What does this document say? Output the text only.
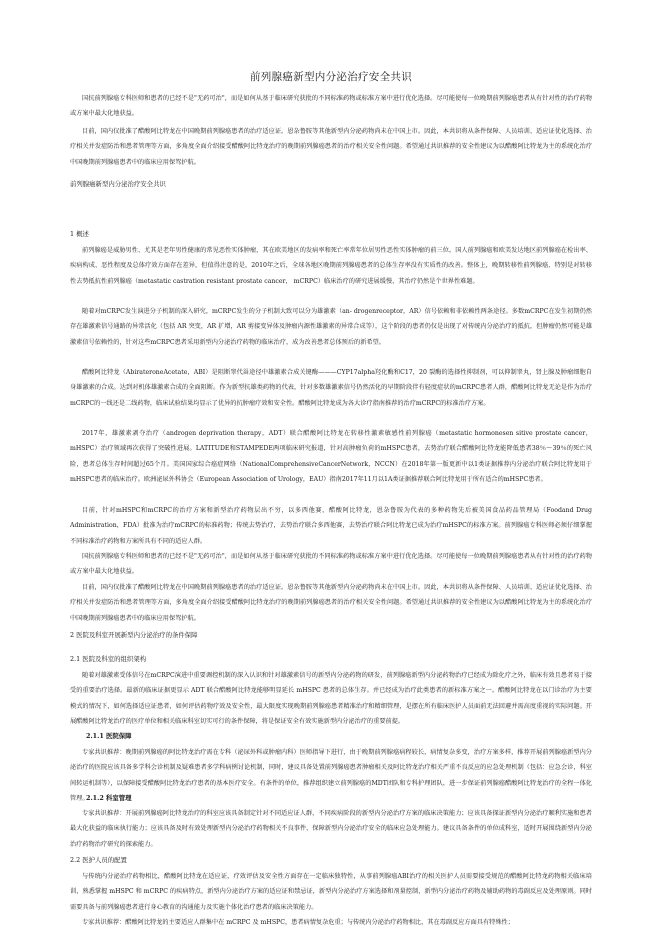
前列腺癌新型内分泌治疗安全共识

国抗前列腺癌专科医师和患者的已经不是"无药可治"，而是如何从基于临床研究获批的不同标准药物或标准方案中进行优化选择。尽可能使每一位晚期前列腺癌患者从有针对性的治疗药物或方案中最大化地获益。

目前，国内仅批准了醋酸阿比特龙在中国晚期前列腺癌患者的治疗适应证。恩杂鲁胺等其他新型内分泌药物尚未在中国上市。因此，本共识将从条件保障、人员培训、适应证优化选择、治疗相关并发症防治和患者管理等方面，多角度全面介绍接受醋酸阿比特龙治疗的晚期前列腺癌患者的治疗相关安全性问题。希望通过共识推荐的安全性建议为以醋酸阿比特龙为主的系统化治疗中国晚期前列腺癌患者中的临床应用保驾护航。

前列腺癌新型内分泌治疗安全共识

1 概述

前列腺癌是威胁男性、尤其是老年男性健康的常见恶性实体肿瘤，其在欧美地区的发病率和死亡率常年位居男性恶性实体肿瘤的前三位。国人前列腺癌和欧美发达地区前列腺癌在检出率、疾病构成、恶性程度及总体疗效方面存在差异，但值得注意的是，2010年之后，全球各地区晚期前列腺癌患者的总体生存率没有实质性的改善。整体上，晚期转移性前列腺癌、特别是对转移性去势抵抗性前列腺癌（metastatic castration resistant prostate cancer， mCRPC）临床治疗的研究进展缓慢，其治疗仍然是个世界性难题。

随着对mCRPC发生演进分子机制的深入研究，mCRPC发生的分子机制大致可以分为雄激素（an- drogenreceptor，AR）信号依赖和非依赖性两条途径。多数mCRPC在发生初期仍然存在雄激素信号通路的异常活化（包括 AR 突变，AR 扩增，AR 剪接变异体及肿瘤内源性雄激素的异常合成等），这个阶段的患者仍仅是出现了对传统内分泌治疗的抵抗，但肿瘤仍然可能是雄激素信号依赖性的，针对这些mCRPC患者采用新型内分泌治疗药物的临床治疗，成为改善患者总体预后的新希望。

醋酸阿比特龙（AbirateroneAcetate，ABI）是阻断睾代甾途径中雄激素合成关键酶———CYP17alpha羟化酶和C17，20 裂酶的选择性抑制剂，可以抑制睾丸，肾上腺及肿瘤细胞自身雄激素的合成。达到对机体雄激素合成的全面阻断。作为新型抗雄类药物的代表，针对多数雄激素信号仍然活化的早期阶段伴有轻度症状的mCRPC患者人群，醋酸阿比特龙无论是作为治疗mCRPC的一线还是二线药物，临床试验结果均显示了优异的抗肿瘤疗效和安全性。醋酸阿比特龙成为各大诊疗指南推荐的治疗mCRPC的标准治疗方案。

2017年，雄激素剥夺治疗（androgen deprivation therapy，ADT）联合醋酸阿比特龙在转移性激素敏感性前列腺癌（metastatic hormonesen sitive prostate cancer，mHSPC）治疗领域再次获得了突破性进展。LATITUDE和STAMPEDE两项临床研究报道，针对高肿瘤负荷的mHSPC患者，去势治疗联合醋酸阿比特龙能降低患者38％～39％的死亡风险，患者总体生存时间超过65个月。美国国家综合癌症网络（NationalComprehensiveCancerNetwork，NCCN）在2018年第一版更新中以1类证据推荐内分泌治疗联合阿比特龙用于mHSPC患者的临床治疗。欧洲泌尿外科协会（European Association of Urology，EAU）指南2017年11月以1A类证据推荐联合阿比特龙用于所有适合的mHSPC患者。

目前，针对mHSPC和mCRPC的治疗方案和新型治疗药物层出不穷，以多西他赛，醋酸阿比特龙，恩杂鲁胺为代表的多种药物先后被美国食品药品管理局（Foodand Drug Administration，FDA）批准为治疗mCRPC的标准药物；传统去势治疗，去势治疗联合多西他赛，去势治疗联合阿比特龙已成为治疗mHSPC的标准方案。前列腺癌专科医师必须仔细掌握不同标准治疗药物和方案所具有不同的适应人群。

国抗前列腺癌专科医师和患者的已经不是"无药可治"，而是如何从基于临床研究获批的不同标准药物或标准方案中进行优化选择。尽可能使每一位晚期前列腺癌患者从有针对性的治疗药物或方案中最大化地获益。

目前，国内仅批准了醋酸阿比特龙在中国晚期前列腺癌患者的治疗适应证。恩杂鲁胺等其他新型内分泌药物尚未在中国上市。因此，本共识将从条件保障、人员培训、适应证优化选择、治疗相关并发症防治和患者管理等方面，多角度全面介绍接受醋酸阿比特龙治疗的晚期前列腺癌患者的治疗相关安全性问题。希望通过共识推荐的安全性建议为以醋酸阿比特龙为主的系统化治疗中国晚期前列腺癌患者中的临床应用保驾护航。

2 医院及科室开展新型内分泌治疗的条件保障

2.1 医院及科室的组织架构

随着对雄激素受体信号在mCRPC演进中重要调控机制的深入认识和针对雄激素信号的新型内分泌药物的研发，前列腺癌新型内分泌药物治疗已经成为除化疗之外，临床有效且患者易于接受的重要治疗选择。最新的临床证据更显示 ADT 联合醋酸阿比特龙能够明显延长 mHSPC 患者的总体生存。并已经成为治疗此类患者的新标准方案之一。醋酸阿比特龙在以门诊治疗为主要模式的情况下，如何选择适应证患者，如何评估药物疗效及安全性，最大限度实现晚期前列腺癌患者精准治疗和精细管理，是摆在所有临床医护人员面前无法回避并需高度重视的实际问题。开展醋酸阿比特龙治疗的医疗单位和相关临床科室切实可行的条件保障，将是保证安全有效实施新型内分泌治疗的重要前提。

2.1.1 医院保障

专家共识推荐：晚期前列腺癌的阿比特龙治疗需在专科（泌尿外科或肿瘤内科）医师指导下进行，由于晚期前列腺癌病程较长，病情复杂多变，治疗方案多样，推荐开展前列腺癌新型内分泌治疗的医院应该具备多学科会诊机制及疑难患者多学科病例讨论机制，同时，建议具备处置前列腺癌患者肿瘤相关及阿比特龙治疗相关严重不良反应的应急处理机制（包括：应急会诊，科室间转运机制等），以保障接受醋酸阿比特龙治疗患者的基本医疗安全。有条件的单位，推荐组织建立前列腺癌的MDT团队和专科护理团队，进一步保证前列腺癌醋酸阿比特龙治疗的全程一体化管理。

2.1.2 科室管理

专家共识推荐：开展前列腺癌阿比特龙治疗的科室应该具备制定针对不同适应证人群，不同疾病阶段的新型内分泌治疗方案的临床决策能力；应该具备探证新型内分泌治疗顺利实施和患者最大化获益的临床执行能力；应该具备及时有效处理新型内分泌治疗药物相关不良事件，保障新型内分泌治疗安全的临床应急处理能力。建议具备条件的单位成科室，适时开展围绕新型内分泌治疗药物治疗研究的探索能力。

2.2 医护人员的配置

与传统内分泌治疗药物相比，醋酸阿比特龙在适应证，疗效评估及安全性方面存在一定临床独特性，从事前列腺癌ABI治疗的相关医护人员需要接受规范的醋酸阿比特龙药物相关临床培训，熟悉掌握 mHSPC 和 mCRPC 的疾病特点，新型内分泌治疗方案的适应证和禁忌证，新型内分泌治疗方案选择和剂量控制，新型内分泌治疗药物及辅助药物的毒副反应及处理原则。同时需要具备与前列腺癌患者进行身心教育的沟通能力及实施个体化治疗患者的临床决策能力。

专家共识推荐：醋酸阿比特龙的主要适应人群集中在 mCRPC 及 mHSPC，患者病情复杂危重；与传统内分泌治疗药物相比，其在毒副反应方面具有特殊性；
